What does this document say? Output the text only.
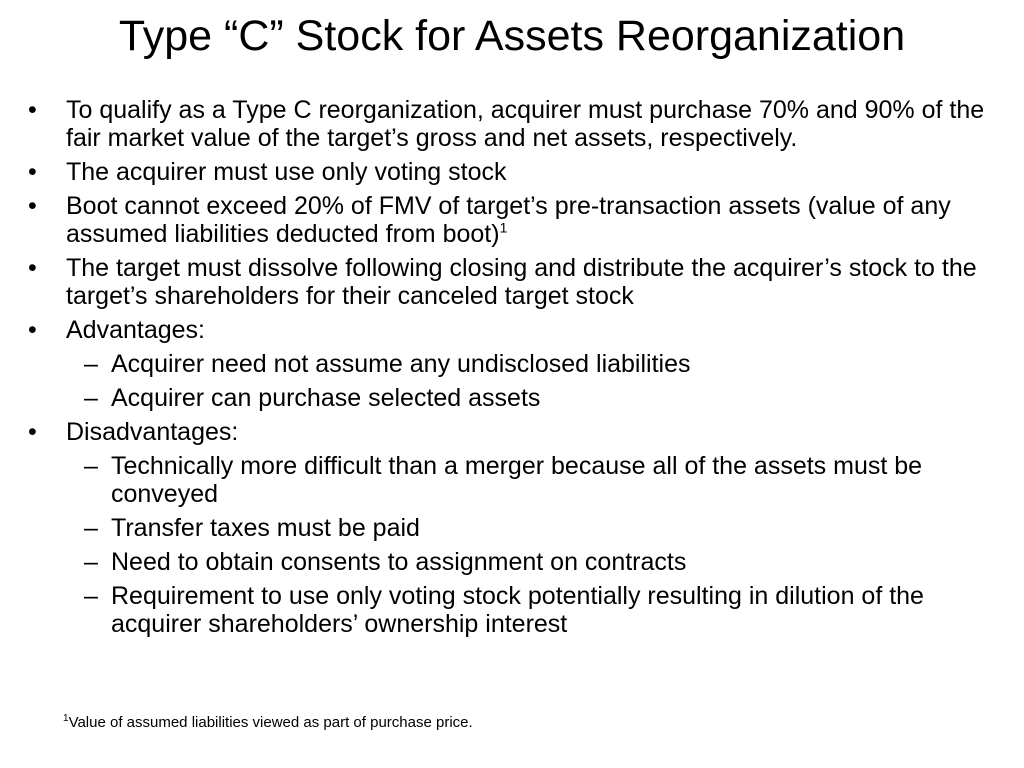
Type “C” Stock for Assets Reorganization
•	To qualify as a Type C reorganization, acquirer must purchase 70% and 90% of the fair market value of the target’s gross and net assets, respectively.
•	The acquirer must use only voting stock
•	Boot cannot exceed 20% of FMV of target’s pre-transaction assets (value of any assumed liabilities deducted from boot)$^1$
•	The target must dissolve following closing and distribute the acquirer’s stock to the target’s shareholders for their canceled target stock
•	Advantages:
– Acquirer need not assume any undisclosed liabilities
– Acquirer can purchase selected assets
•	Disadvantages:
– Technically more difficult than a merger because all of the assets must be conveyed
– Transfer taxes must be paid
– Need to obtain consents to assignment on contracts
– Requirement to use only voting stock potentially resulting in dilution of the acquirer shareholders’ ownership interest
$^1$Value of assumed liabilities viewed as part of purchase price.
